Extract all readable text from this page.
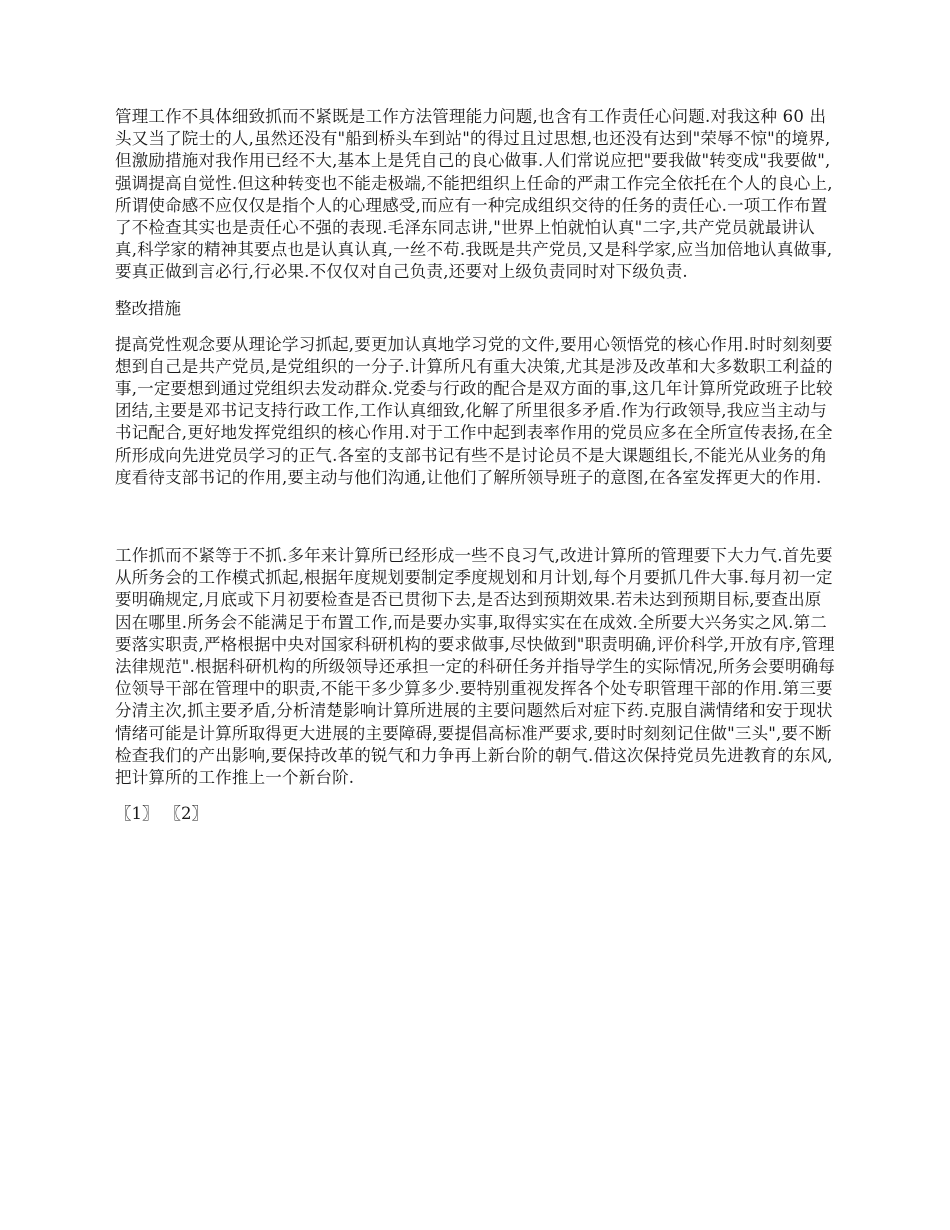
管理工作不具体细致抓而不紧既是工作方法管理能力问题,也含有工作责任心问题.对我这种 60 出头又当了院士的人,虽然还没有"船到桥头车到站"的得过且过思想,也还没有达到"荣辱不惊"的境界,但激励措施对我作用已经不大,基本上是凭自己的良心做事.人们常说应把"要我做"转变成"我要做",强调提高自觉性.但这种转变也不能走极端,不能把组织上任命的严肃工作完全依托在个人的良心上,所谓使命感不应仅仅是指个人的心理感受,而应有一种完成组织交待的任务的责任心.一项工作布置了不检查其实也是责任心不强的表现.毛泽东同志讲,"世界上怕就怕认真"二字,共产党员就最讲认真,科学家的精神其要点也是认真认真,一丝不苟.我既是共产党员,又是科学家,应当加倍地认真做事,要真正做到言必行,行必果.不仅仅对自己负责,还要对上级负责同时对下级负责.

整改措施

提高党性观念要从理论学习抓起,要更加认真地学习党的文件,要用心领悟党的核心作用.时时刻刻要想到自己是共产党员,是党组织的一分子.计算所凡有重大决策,尤其是涉及改革和大多数职工利益的事,一定要想到通过党组织去发动群众.党委与行政的配合是双方面的事,这几年计算所党政班子比较团结,主要是邓书记支持行政工作,工作认真细致,化解了所里很多矛盾.作为行政领导,我应当主动与书记配合,更好地发挥党组织的核心作用.对于工作中起到表率作用的党员应多在全所宣传表扬,在全所形成向先进党员学习的正气.各室的支部书记有些不是讨论员不是大课题组长,不能光从业务的角度看待支部书记的作用,要主动与他们沟通,让他们了解所领导班子的意图,在各室发挥更大的作用.

工作抓而不紧等于不抓.多年来计算所已经形成一些不良习气,改进计算所的管理要下大力气.首先要从所务会的工作模式抓起,根据年度规划要制定季度规划和月计划,每个月要抓几件大事.每月初一定要明确规定,月底或下月初要检查是否已贯彻下去,是否达到预期效果.若未达到预期目标,要查出原因在哪里.所务会不能满足于布置工作,而是要办实事,取得实实在在成效.全所要大兴务实之风.第二要落实职责,严格根据中央对国家科研机构的要求做事,尽快做到"职责明确,评价科学,开放有序,管理法律规范".根据科研机构的所级领导还承担一定的科研任务并指导学生的实际情况,所务会要明确每位领导干部在管理中的职责,不能干多少算多少.要特别重视发挥各个处专职管理干部的作用.第三要分清主次,抓主要矛盾,分析清楚影响计算所进展的主要问题然后对症下药.克服自满情绪和安于现状情绪可能是计算所取得更大进展的主要障碍,要提倡高标准严要求,要时时刻刻记住做"三头",要不断检查我们的产出影响,要保持改革的锐气和力争再上新台阶的朝气.借这次保持党员先进教育的东风,把计算所的工作推上一个新台阶.

〖1〗 〖2〗
